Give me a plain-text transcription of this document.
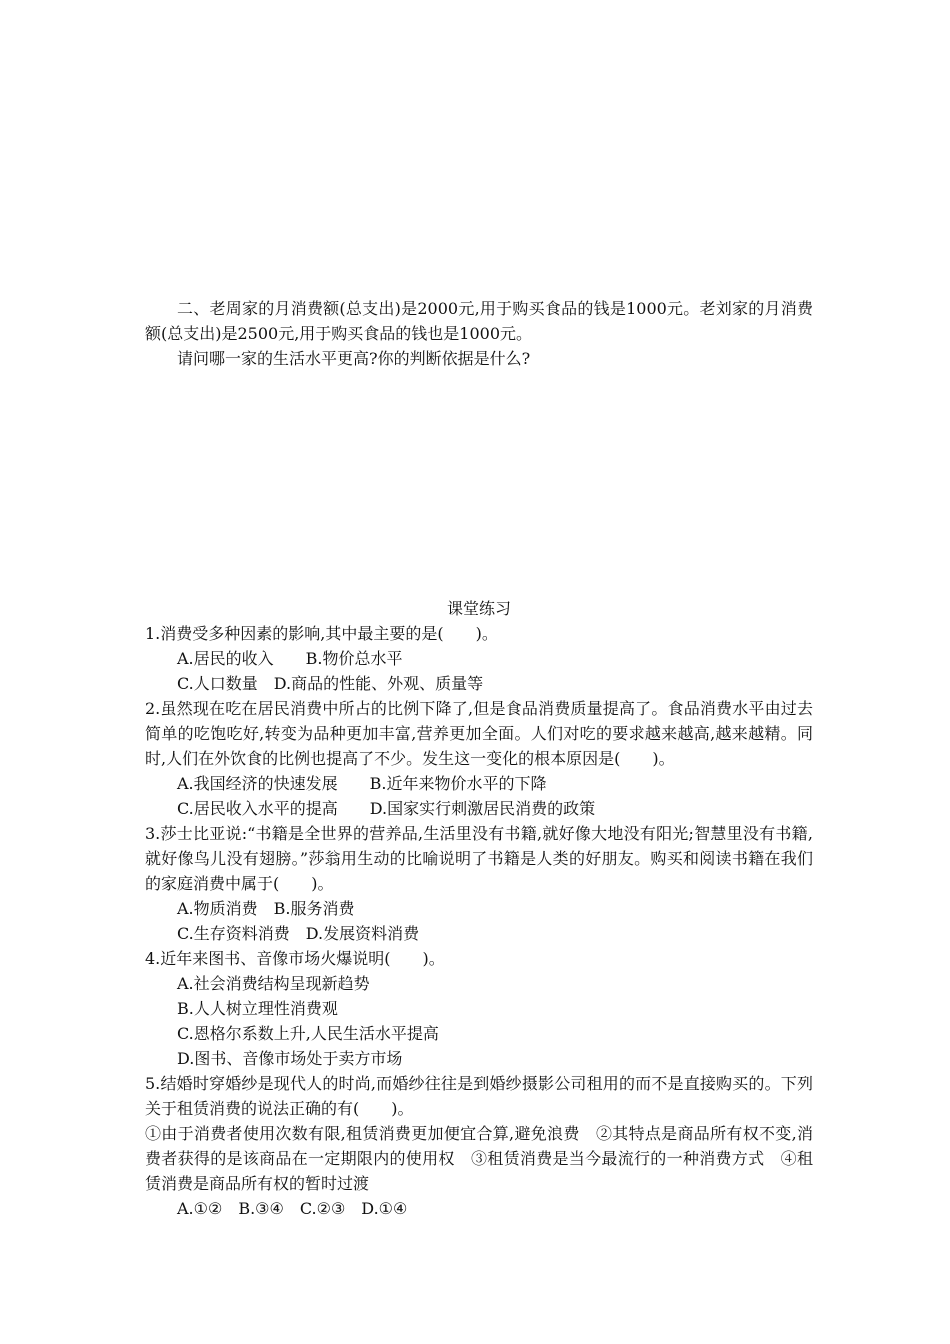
二、老周家的月消费额(总支出)是2000元,用于购买食品的钱是1000元。老刘家的月消费额(总支出)是2500元,用于购买食品的钱也是1000元。

请问哪一家的生活水平更高?你的判断依据是什么?

课堂练习

1.消费受多种因素的影响,其中最主要的是(　　)。

A.居民的收入　　B.物价总水平

C.人口数量　D.商品的性能、外观、质量等

2.虽然现在吃在居民消费中所占的比例下降了,但是食品消费质量提高了。食品消费水平由过去简单的吃饱吃好,转变为品种更加丰富,营养更加全面。人们对吃的要求越来越高,越来越精。同时,人们在外饮食的比例也提高了不少。发生这一变化的根本原因是(　　)。

A.我国经济的快速发展　　B.近年来物价水平的下降

C.居民收入水平的提高　　D.国家实行刺激居民消费的政策

3.莎士比亚说:“书籍是全世界的营养品,生活里没有书籍,就好像大地没有阳光;智慧里没有书籍,就好像鸟儿没有翅膀。”莎翁用生动的比喻说明了书籍是人类的好朋友。购买和阅读书籍在我们的家庭消费中属于(　　)。

A.物质消费　B.服务消费

C.生存资料消费　D.发展资料消费

4.近年来图书、音像市场火爆说明(　　)。

A.社会消费结构呈现新趋势

B.人人树立理性消费观

C.恩格尔系数上升,人民生活水平提高

D.图书、音像市场处于卖方市场

5.结婚时穿婚纱是现代人的时尚,而婚纱往往是到婚纱摄影公司租用的而不是直接购买的。下列关于租赁消费的说法正确的有(　　)。

①由于消费者使用次数有限,租赁消费更加便宜合算,避免浪费　②其特点是商品所有权不变,消费者获得的是该商品在一定期限内的使用权　③租赁消费是当今最流行的一种消费方式　④租赁消费是商品所有权的暂时过渡

A.①②　B.③④　C.②③　D.①④
